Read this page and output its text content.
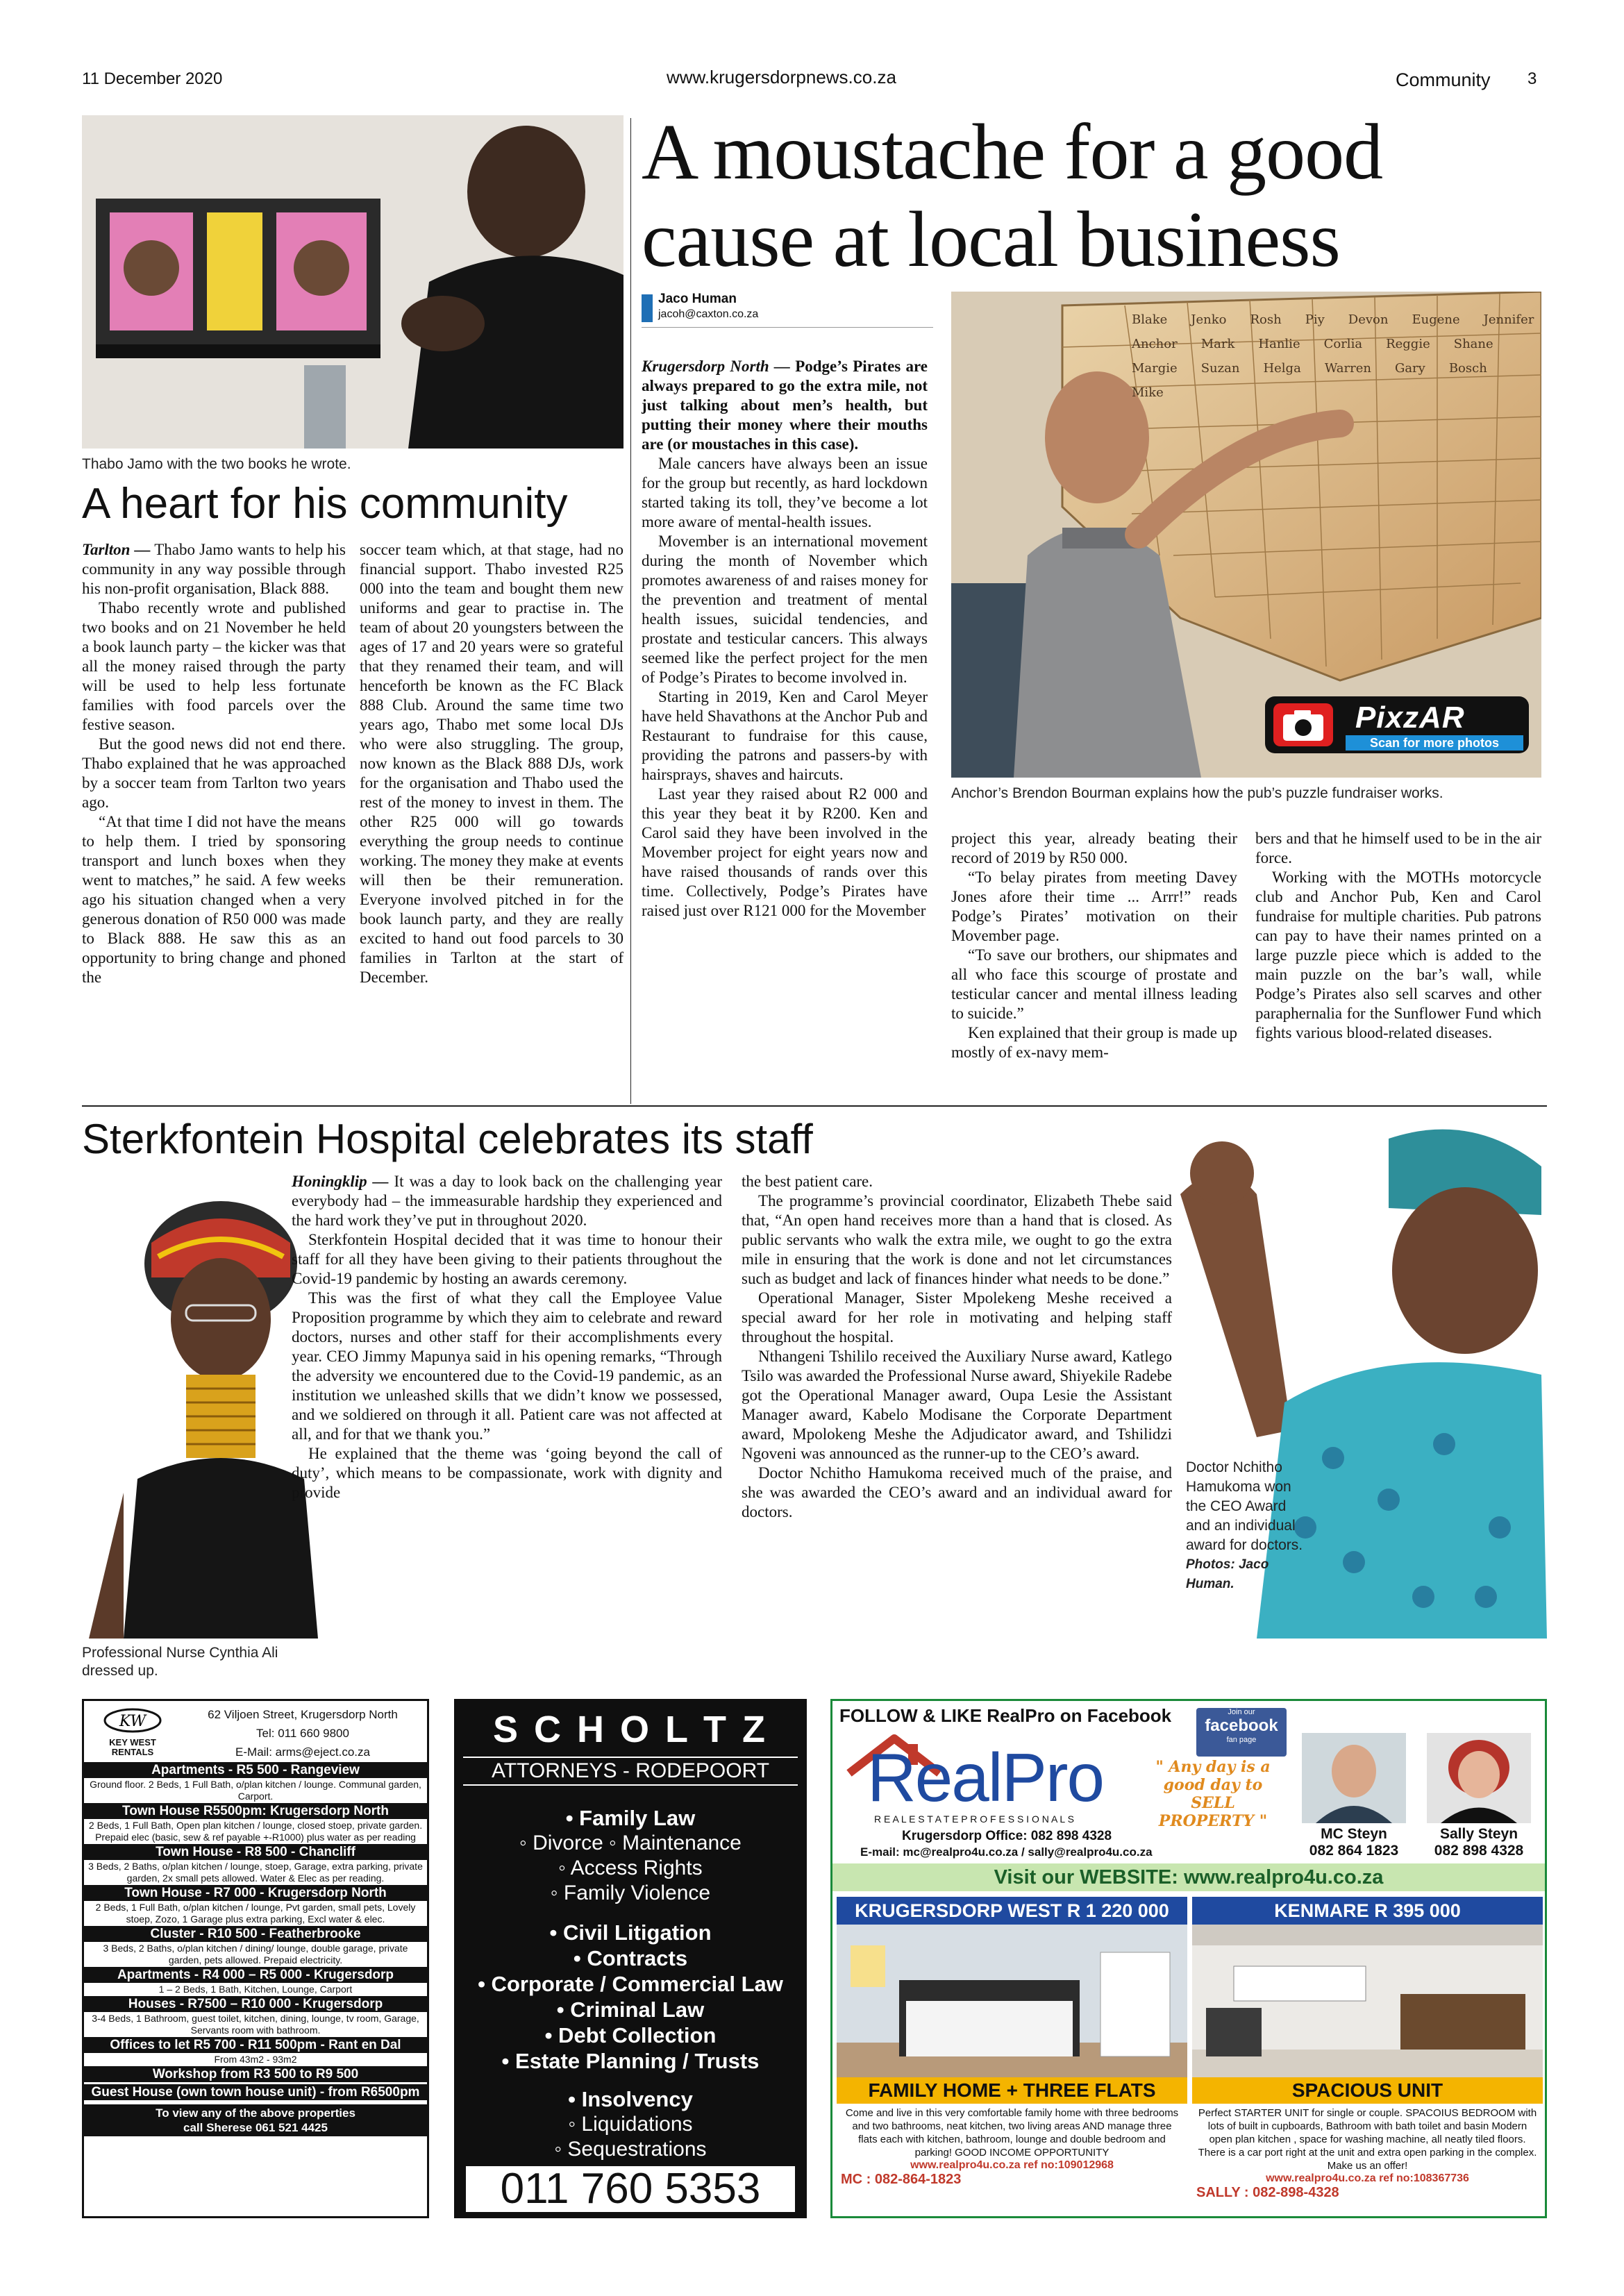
11 December 2020	www.krugersdorpnews.co.za	Community 3
Thabo Jamo with the two books he wrote.
A heart for his community

Tarlton — Thabo Jamo wants to help his community in any way possible through his non-profit organisation, Black 888.

Thabo recently wrote and published two books and on 21 November he held a book launch party – the kicker was that all the money raised through the party will be used to help less fortunate families with food parcels over the festive season.

But the good news did not end there. Thabo explained that he was approached by a soccer team from Tarlton two years ago.

“At that time I did not have the means to help them. I tried by sponsoring transport and lunch boxes when they went to matches,” he said. A few weeks ago his situation changed when a very generous donation of R50 000 was made to Black 888. He saw this as an opportunity to bring change and phoned the

soccer team which, at that stage, had no financial support. Thabo invested R25 000 into the team and bought them new uniforms and gear to practise in. The team of about 20 youngsters between the ages of 17 and 20 years were so grateful that they renamed their team, and will henceforth be known as the FC Black 888 Club. Around the same time two years ago, Thabo met some local DJs who were also struggling. The group, now known as the Black 888 DJs, work for the organisation and Thabo used the rest of the money to invest in them. The other R25 000 will go towards everything the group needs to continue working. The money they make at events will then be their remuneration. Everyone involved pitched in for the book launch party, and they are really excited to hand out food parcels to 30 families in Tarlton at the start of December.

A moustache for a good
cause at local business
Jaco Human
jacoh@caxton.co.za

Krugersdorp North — Podge’s Pirates are always prepared to go the extra mile, not just talking about men’s health, but putting their money where their mouths are (or moustaches in this case).

Male cancers have always been an issue for the group but recently, as hard lockdown started taking its toll, they’ve become a lot more aware of mental-health issues.

Movember is an international movement during the month of November which promotes awareness of and raises money for the prevention and treatment of mental health issues, suicidal tendencies, and prostate and testicular cancers. This always seemed like the perfect project for the men of Podge’s Pirates to become involved in.

Starting in 2019, Ken and Carol Meyer have held Shavathons at the Anchor Pub and Restaurant to fundraise for this cause, providing the patrons and passers-by with hairsprays, shaves and haircuts.

Last year they raised about R2 000 and this year they beat it by R200. Ken and Carol said they have been involved in the Movember project for eight years now and have raised thousands of rands over this time. Collectively, Podge’s Pirates have raised just over R121 000 for the Movember

Blake Jenko Rosh Piy Devon Eugene Jennifer
Anchor Mark Hanlie Corlia Reggie Shane
Margie Suzan Helga Warren Gary Bosch
Mike
PixzAR
Scan for more photos
Anchor’s Brendon Bourman explains how the pub’s puzzle fundraiser works.

project this year, already beating their record of 2019 by R50 000.

“To belay pirates from meeting Davey Jones afore their time ... Arrr!” reads Podge’s Pirates’ motivation on their Movember page.

“To save our brothers, our shipmates and all who face this scourge of prostate and testicular cancer and mental illness leading to suicide.”

Ken explained that their group is made up mostly of ex-navy mem-

bers and that he himself used to be in the air force.

Working with the MOTHs motorcycle club and Anchor Pub, Ken and Carol fundraise for multiple charities. Pub patrons can pay to have their names printed on a large puzzle piece which is added to the main puzzle on the bar’s wall, while Podge’s Pirates also sell scarves and other paraphernalia for the Sunflower Fund which fights various blood-related diseases.

Sterkfontein Hospital celebrates its staff
Professional Nurse Cynthia Ali dressed up.

Honingklip — It was a day to look back on the challenging year everybody had – the immeasurable hardship they experienced and the hard work they’ve put in throughout 2020.

Sterkfontein Hospital decided that it was time to honour their staff for all they have been giving to their patients throughout the Covid-19 pandemic by hosting an awards ceremony.

This was the first of what they call the Employee Value Proposition programme by which they aim to celebrate and reward doctors, nurses and other staff for their accomplishments every year. CEO Jimmy Mapunya said in his opening remarks, “Through the adversity we encountered due to the Covid-19 pandemic, as an institution we unleashed skills that we didn’t know we possessed, and we soldiered on through it all. Patient care was not affected at all, and for that we thank you.”

He explained that the theme was ‘going beyond the call of duty’, which means to be compassionate, work with dignity and provide

the best patient care.

The programme’s provincial coordinator, Elizabeth Thebe said that, “An open hand receives more than a hand that is closed. As public servants who walk the extra mile, we ought to go the extra mile in ensuring that the work is done and not let circumstances such as budget and lack of finances hinder what needs to be done.”

Operational Manager, Sister Mpolekeng Meshe received a special award for her role in motivating and helping staff throughout the hospital.

Nthangeni Tshililo received the Auxiliary Nurse award, Katlego Tsilo was awarded the Professional Nurse award, Shiyekile Radebe got the Operational Manager award, Oupa Lesie the Assistant Manager award, Kabelo Modisane the Corporate Department award, Mpolokeng Meshe the Adjudicator award, and Tshilidzi Ngoveni was announced as the runner-up to the CEO’s award.

Doctor Nchitho Hamukoma received much of the praise, and she was awarded the CEO’s award and an individual award for doctors.

Doctor Nchitho Hamukoma won the CEO Award and an individual award for doctors.
Photos: Jaco Human.
KW
KEY WEST RENTALS
62 Viljoen Street, Krugersdorp North
Tel: 011 660 9800
E-Mail: arms@eject.co.za
Apartments - R5 500 - Rangeview
Ground floor. 2 Beds, 1 Full Bath, o/plan kitchen / lounge. Communal garden, Carport.
Town House R5500pm: Krugersdorp North
2 Beds, 1 Full Bath, Open plan kitchen / lounge, closed stoep, private garden. Prepaid elec (basic, sew & ref payable +-R1000) plus water as per reading
Town House - R8 500 - Chancliff
3 Beds, 2 Baths, o/plan kitchen / lounge, stoep, Garage, extra parking, private garden, 2x small pets allowed. Water & Elec as per reading.
Town House - R7 000 - Krugersdorp North
2 Beds, 1 Full Bath, o/plan kitchen / lounge, Pvt garden, small pets, Lovely stoep, Zozo, 1 Garage plus extra parking, Excl water & elec.
Cluster - R10 500 - Featherbrooke
3 Beds, 2 Baths, o/plan kitchen / dining/ lounge, double garage, private garden, pets allowed. Prepaid electricity.
Apartments - R4 000 – R5 000 - Krugersdorp
1 – 2 Beds, 1 Bath, Kitchen, Lounge, Carport
Houses - R7500 – R10 000 - Krugersdorp
3-4 Beds, 1 Bathroom, guest toilet, kitchen, dining, lounge, tv room, Garage, Servants room with bathroom.
Offices to let R5 700 - R11 500pm - Rant en Dal
From 43m2 - 93m2
Workshop from R3 500 to R9 500
Guest House (own town house unit) - from R6500pm
To view any of the above properties
call Sherese 061 521 4425
S C H O L T Z
ATTORNEYS - RODEPOORT
• Family Law
◦ Divorce ◦ Maintenance
◦ Access Rights
◦ Family Violence
• Civil Litigation
• Contracts
• Corporate / Commercial Law
• Criminal Law
• Debt Collection
• Estate Planning / Trusts
• Insolvency
◦ Liquidations
◦ Sequestrations
011 760 5353
FOLLOW & LIKE RealPro on Facebook	Join our
facebook
fan page
RealPro
R E A L E S T A T E P R O F E S S I O N A L S
" Any day is a good day to SELL PROPERTY "
Krugersdorp Office: 082 898 4328
E-mail: mc@realpro4u.co.za / sally@realpro4u.co.za
MC Steyn
082 864 1823
Sally Steyn
082 898 4328
Visit our WEBSITE: www.realpro4u.co.za
KRUGERSDORP WEST R 1 220 000
FAMILY HOME + THREE FLATS
Come and live in this very comfortable family home with three bedrooms and two bathrooms, neat kitchen, two living areas AND manage three flats each with kitchen, bathroom, lounge and double bedroom and parking! GOOD INCOME OPPORTUNITY
www.realpro4u.co.za ref no:109012968
MC : 082-864-1823
KENMARE R 395 000
SPACIOUS UNIT
Perfect STARTER UNIT for single or couple. SPACOIUS BEDROOM with lots of built in cupboards, Bathroom with bath toilet and basin Modern open plan kitchen , space for washing machine, all neatly tiled floors. There is a car port right at the unit and extra open parking in the complex. Make us an offer!
www.realpro4u.co.za ref no:108367736
SALLY : 082-898-4328
